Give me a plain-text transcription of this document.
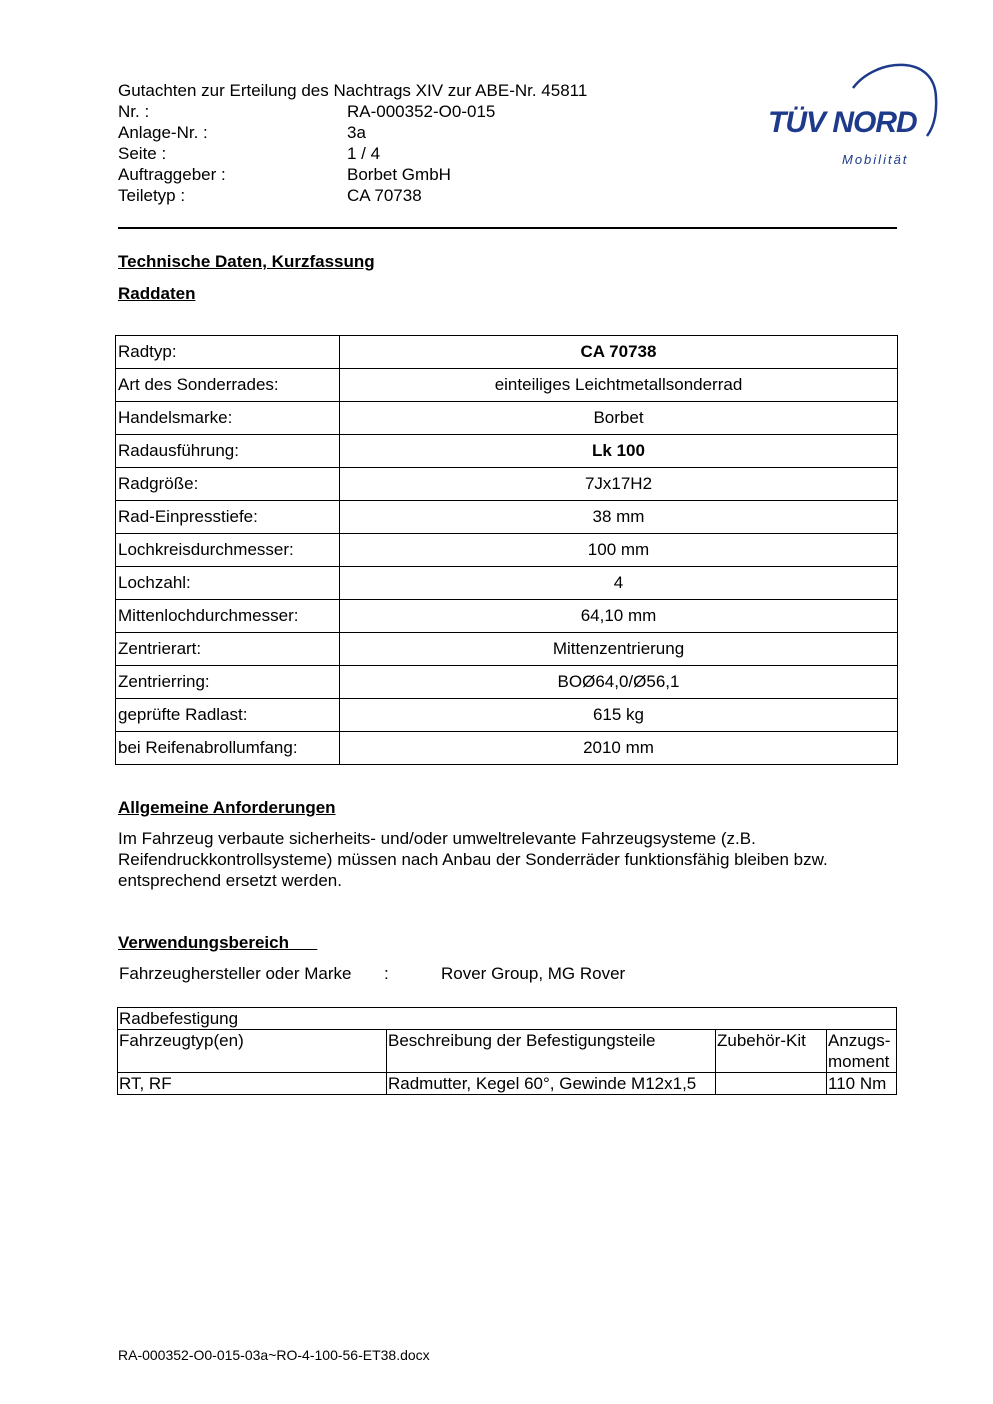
Gutachten zur Erteilung des Nachtrags XIV zur ABE-Nr. 45811
Nr. :	RA-000352-O0-015
Anlage-Nr. :	3a
Seite :	1 / 4
Auftraggeber :	Borbet GmbH
Teiletyp :	CA 70738
TÜV NORD
Mobilität
Technische Daten, Kurzfassung
Raddaten
Radtyp:	CA 70738
Art des Sonderrades:	einteiliges Leichtmetallsonderrad
Handelsmarke:	Borbet
Radausführung:	Lk 100
Radgröße:	7Jx17H2
Rad-Einpresstiefe:	38 mm
Lochkreisdurchmesser:	100 mm
Lochzahl:	4
Mittenlochdurchmesser:	64,10 mm
Zentrierart:	Mittenzentrierung
Zentrierring:	BOØ64,0/Ø56,1
geprüfte Radlast:	615 kg
bei Reifenabrollumfang:	2010 mm
Allgemeine Anforderungen
Im Fahrzeug verbaute sicherheits- und/oder umweltrelevante Fahrzeugsysteme (z.B. Reifendruckkontrollsysteme) müssen nach Anbau der Sonderräder funktionsfähig bleiben bzw. entsprechend ersetzt werden.
Verwendungsbereich
Fahrzeughersteller oder Marke	:	Rover Group, MG Rover
Radbefestigung			
Fahrzeugtyp(en)	Beschreibung der Befestigungsteile	Zubehör-Kit	Anzugs-moment
RT, RF	Radmutter, Kegel 60°, Gewinde M12x1,5		110 Nm
RA-000352-O0-015-03a~RO-4-100-56-ET38.docx
